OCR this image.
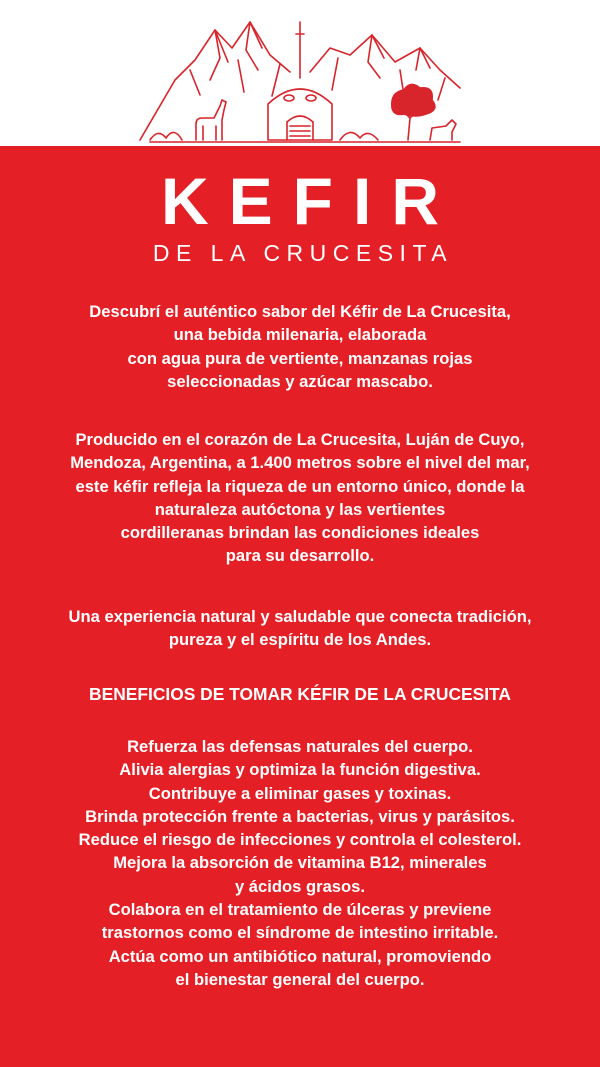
KEFIR
DE LA CRUCESITA
Descubrí el auténtico sabor del Kéfir de La Crucesita,
una bebida milenaria, elaborada
con agua pura de vertiente, manzanas rojas
seleccionadas y azúcar mascabo.
Producido en el corazón de La Crucesita, Luján de Cuyo,
Mendoza, Argentina, a 1.400 metros sobre el nivel del mar,
este kéfir refleja la riqueza de un entorno único, donde la
naturaleza autóctona y las vertientes
cordilleranas brindan las condiciones ideales
para su desarrollo.
Una experiencia natural y saludable que conecta tradición,
pureza y el espíritu de los Andes.
BENEFICIOS DE TOMAR KÉFIR DE LA CRUCESITA
Refuerza las defensas naturales del cuerpo.
Alivia alergias y optimiza la función digestiva.
Contribuye a eliminar gases y toxinas.
Brinda protección frente a bacterias, virus y parásitos.
Reduce el riesgo de infecciones y controla el colesterol.
Mejora la absorción de vitamina B12, minerales
y ácidos grasos.
Colabora en el tratamiento de úlceras y previene
trastornos como el síndrome de intestino irritable.
Actúa como un antibiótico natural, promoviendo
el bienestar general del cuerpo.
